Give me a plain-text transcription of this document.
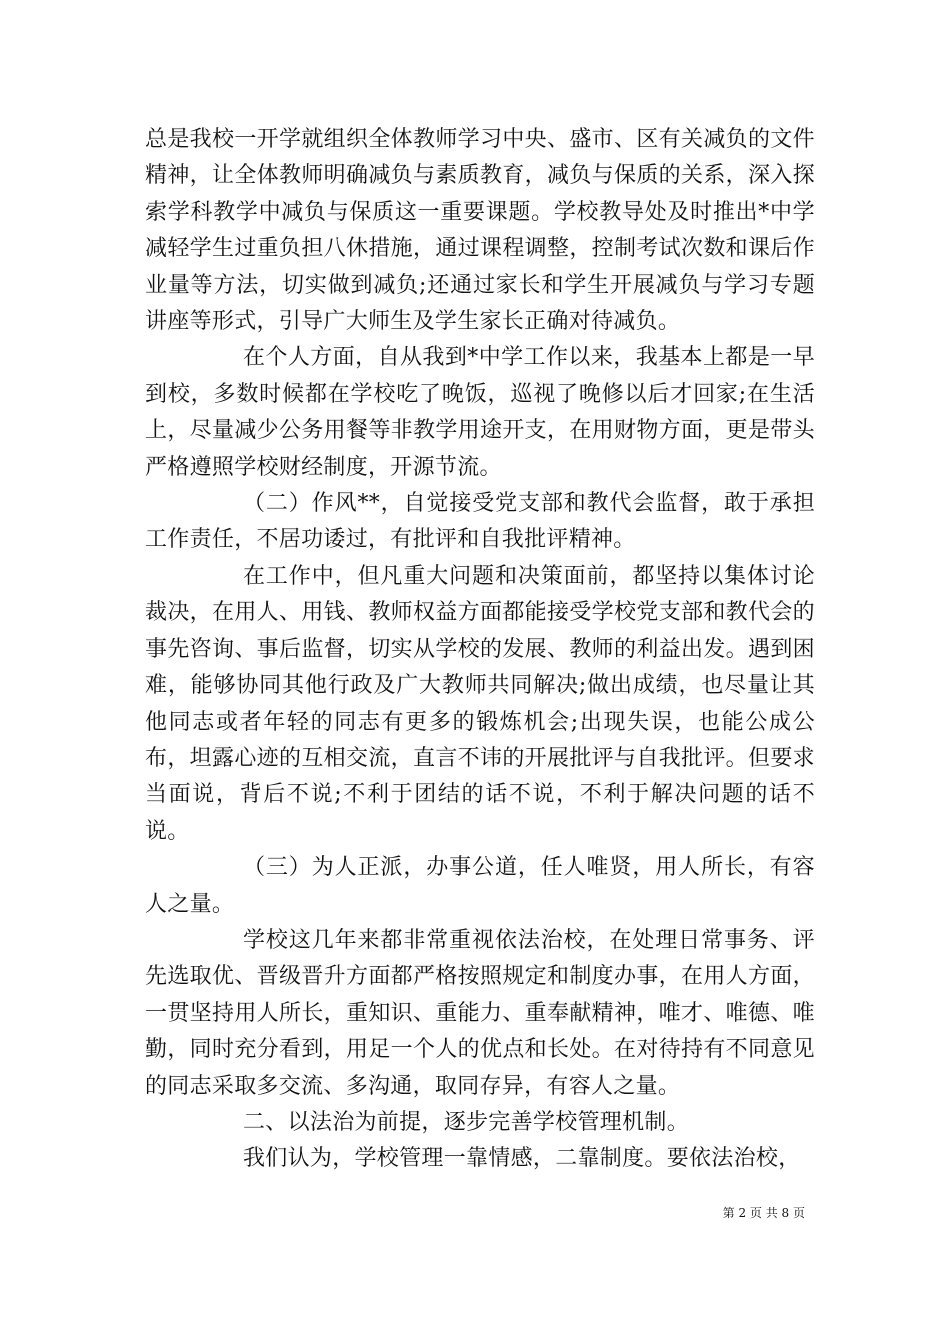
总是我校一开学就组织全体教师学习中央、盛市、区有关减负的文件精神，让全体教师明确减负与素质教育，减负与保质的关系，深入探索学科教学中减负与保质这一重要课题。学校教导处及时推出*中学减轻学生过重负担八休措施，通过课程调整，控制考试次数和课后作业量等方法，切实做到减负;还通过家长和学生开展减负与学习专题讲座等形式，引导广大师生及学生家长正确对待减负。

在个人方面，自从我到*中学工作以来，我基本上都是一早到校，多数时候都在学校吃了晚饭，巡视了晚修以后才回家;在生活上，尽量减少公务用餐等非教学用途开支，在用财物方面，更是带头严格遵照学校财经制度，开源节流。

（二）作风**，自觉接受党支部和教代会监督，敢于承担工作责任，不居功诿过，有批评和自我批评精神。

在工作中，但凡重大问题和决策面前，都坚持以集体讨论裁决，在用人、用钱、教师权益方面都能接受学校党支部和教代会的事先咨询、事后监督，切实从学校的发展、教师的利益出发。遇到困难，能够协同其他行政及广大教师共同解决;做出成绩，也尽量让其他同志或者年轻的同志有更多的锻炼机会;出现失误，也能公成公布，坦露心迹的互相交流，直言不讳的开展批评与自我批评。但要求当面说，背后不说;不利于团结的话不说，不利于解决问题的话不说。

（三）为人正派，办事公道，任人唯贤，用人所长，有容人之量。

学校这几年来都非常重视依法治校，在处理日常事务、评先选取优、晋级晋升方面都严格按照规定和制度办事，在用人方面，一贯坚持用人所长，重知识、重能力、重奉献精神，唯才、唯德、唯勤，同时充分看到，用足一个人的优点和长处。在对待持有不同意见的同志采取多交流、多沟通，取同存异，有容人之量。

二、以法治为前提，逐步完善学校管理机制。

我们认为，学校管理一靠情感，二靠制度。要依法治校，

第 2 页 共 8 页
